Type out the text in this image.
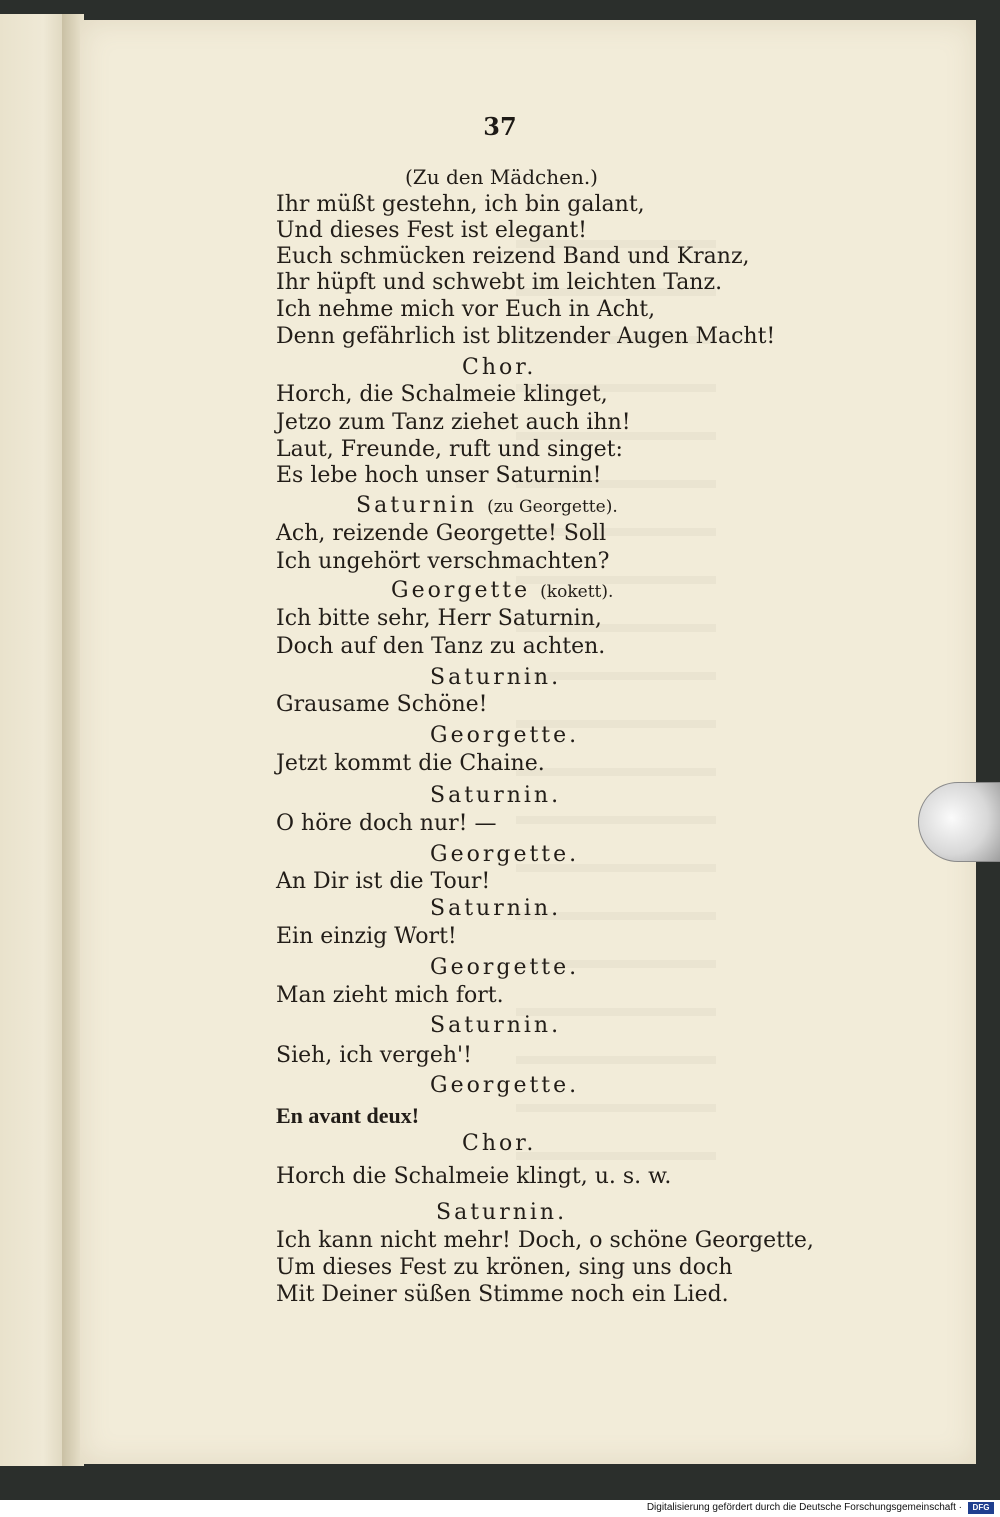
37
(Zu den Mädchen.)
Ihr müßt gestehn, ich bin galant,
Und dieses Fest ist elegant!
Euch schmücken reizend Band und Kranz,
Ihr hüpft und schwebt im leichten Tanz.
Ich nehme mich vor Euch in Acht,
Denn gefährlich ist blitzender Augen Macht!
Chor.
Horch, die Schalmeie klinget,
Jetzo zum Tanz ziehet auch ihn!
Laut, Freunde, ruft und singet:
Es lebe hoch unser Saturnin!
Saturnin (zu Georgette).
Ach, reizende Georgette! Soll
Ich ungehört verschmachten?
Georgette (kokett).
Ich bitte sehr, Herr Saturnin,
Doch auf den Tanz zu achten.
Saturnin.
Grausame Schöne!
Georgette.
Jetzt kommt die Chaine.
Saturnin.
O höre doch nur! —
Georgette.
An Dir ist die Tour!
Saturnin.
Ein einzig Wort!
Georgette.
Man zieht mich fort.
Saturnin.
Sieh, ich vergeh'!
Georgette.
En avant deux!
Chor.
Horch die Schalmeie klingt, u. s. w.
Saturnin.
Ich kann nicht mehr! Doch, o schöne Georgette,
Um dieses Fest zu krönen, sing uns doch
Mit Deiner süßen Stimme noch ein Lied.
Digitalisierung gefördert durch die Deutsche Forschungsgemeinschaft ·	DFG
